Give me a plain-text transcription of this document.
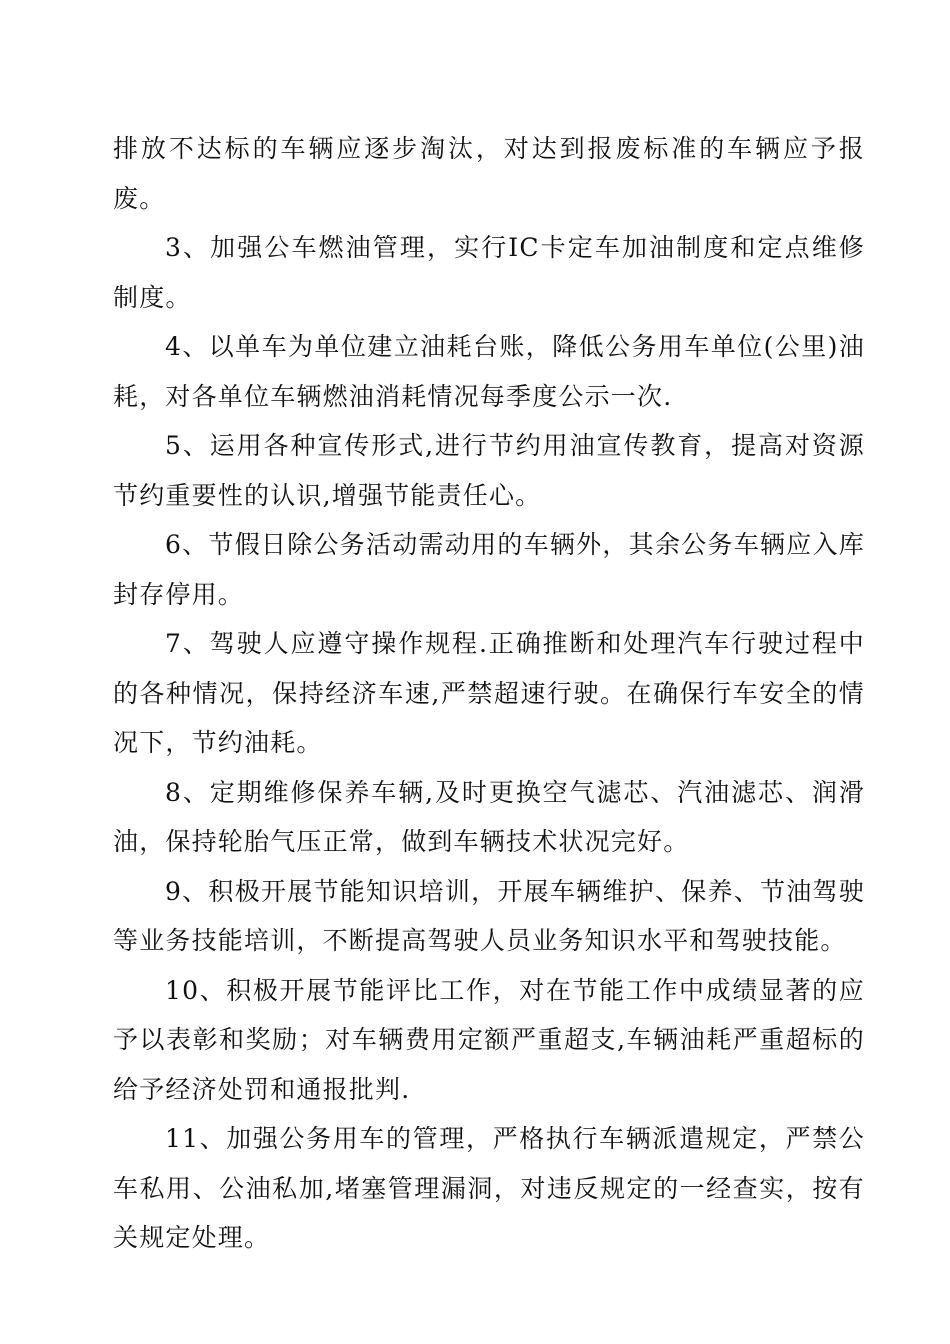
排放不达标的车辆应逐步淘汰，对达到报废标准的车辆应予报废。

3、加强公车燃油管理，实行IC卡定车加油制度和定点维修制度。

4、以单车为单位建立油耗台账，降低公务用车单位(公里)油耗，对各单位车辆燃油消耗情况每季度公示一次.

5、运用各种宣传形式,进行节约用油宣传教育，提高对资源节约重要性的认识,增强节能责任心。

6、节假日除公务活动需动用的车辆外，其余公务车辆应入库封存停用。

7、驾驶人应遵守操作规程.正确推断和处理汽车行驶过程中的各种情况，保持经济车速,严禁超速行驶。在确保行车安全的情况下，节约油耗。

8、定期维修保养车辆,及时更换空气滤芯、汽油滤芯、润滑油，保持轮胎气压正常，做到车辆技术状况完好。

9、积极开展节能知识培训，开展车辆维护、保养、节油驾驶等业务技能培训，不断提高驾驶人员业务知识水平和驾驶技能。

10、积极开展节能评比工作，对在节能工作中成绩显著的应予以表彰和奖励；对车辆费用定额严重超支,车辆油耗严重超标的给予经济处罚和通报批判.

11、加强公务用车的管理，严格执行车辆派遣规定，严禁公车私用、公油私加,堵塞管理漏洞，对违反规定的一经查实，按有关规定处理。
